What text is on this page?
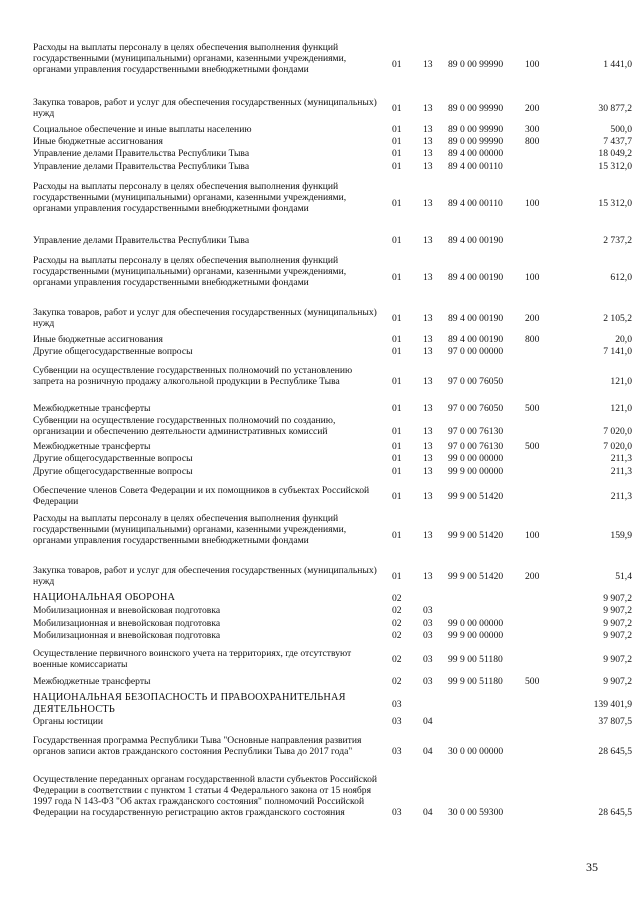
Расходы на выплаты персоналу в целях обеспечения выполнения функций государственными (муниципальными) органами, казенными учреждениями, органами управления государственными внебюджетными фондами	01 13 89 0 00 99990 100	1 441,0
Закупка товаров, работ и услуг для обеспечения государственных (муниципальных) нужд	01 13 89 0 00 99990 200	30 877,2
Социальное обеспечение и иные выплаты населению	01 13 89 0 00 99990 300	500,0
Иные бюджетные ассигнования	01 13 89 0 00 99990 800	7 437,7
Управление делами Правительства Республики Тыва	01 13 89 4 00 00000	18 049,2
Управление делами Правительства Республики Тыва	01 13 89 4 00 00110	15 312,0
Расходы на выплаты персоналу в целях обеспечения выполнения функций государственными (муниципальными) органами, казенными учреждениями, органами управления государственными внебюджетными фондами	01 13 89 4 00 00110 100	15 312,0
Управление делами Правительства Республики Тыва	01 13 89 4 00 00190	2 737,2
Расходы на выплаты персоналу в целях обеспечения выполнения функций государственными (муниципальными) органами, казенными учреждениями, органами управления государственными внебюджетными фондами	01 13 89 4 00 00190 100	612,0
Закупка товаров, работ и услуг для обеспечения государственных (муниципальных) нужд	01 13 89 4 00 00190 200	2 105,2
Иные бюджетные ассигнования	01 13 89 4 00 00190 800	20,0
Другие общегосударственные вопросы	01 13 97 0 00 00000	7 141,0
Субвенции на осуществление государственных полномочий по установлению запрета на розничную продажу алкогольной продукции в Республике Тыва	01 13 97 0 00 76050	121,0
Межбюджетные трансферты	01 13 97 0 00 76050 500	121,0
Субвенции на осуществление государственных полномочий по созданию, организации и обеспечению деятельности административных комиссий	01 13 97 0 00 76130	7 020,0
Межбюджетные трансферты	01 13 97 0 00 76130 500	7 020,0
Другие общегосударственные вопросы	01 13 99 0 00 00000	211,3
Другие общегосударственные вопросы	01 13 99 9 00 00000	211,3
Обеспечение членов Совета Федерации и их помощников в субъектах Российской Федерации	01 13 99 9 00 51420	211,3
Расходы на выплаты персоналу в целях обеспечения выполнения функций государственными (муниципальными) органами, казенными учреждениями, органами управления государственными внебюджетными фондами	01 13 99 9 00 51420 100	159,9
Закупка товаров, работ и услуг для обеспечения государственных (муниципальных) нужд	01 13 99 9 00 51420 200	51,4
НАЦИОНАЛЬНАЯ ОБОРОНА	02	9 907,2
Мобилизационная и вневойсковая подготовка	02 03	9 907,2
Мобилизационная и вневойсковая подготовка	02 03 99 0 00 00000	9 907,2
Мобилизационная и вневойсковая подготовка	02 03 99 9 00 00000	9 907,2
Осуществление первичного воинского учета на территориях, где отсутствуют военные комиссариаты	02 03 99 9 00 51180	9 907,2
Межбюджетные трансферты	02 03 99 9 00 51180 500	9 907,2
НАЦИОНАЛЬНАЯ БЕЗОПАСНОСТЬ И ПРАВООХРАНИТЕЛЬНАЯ ДЕЯТЕЛЬНОСТЬ	03	139 401,9
Органы юстиции	03 04	37 807,5
Государственная программа Республики Тыва "Основные направления развития органов записи актов гражданского состояния Республики Тыва до 2017 года"	03 04 30 0 00 00000	28 645,5
Осуществление переданных органам государственной власти субъектов Российской Федерации в соответствии с пунктом 1 статьи 4 Федерального закона от 15 ноября 1997 года N 143-ФЗ "Об актах гражданского состояния" полномочий Российской Федерации на государственную регистрацию актов гражданского состояния	03 04 30 0 00 59300	28 645,5
35
